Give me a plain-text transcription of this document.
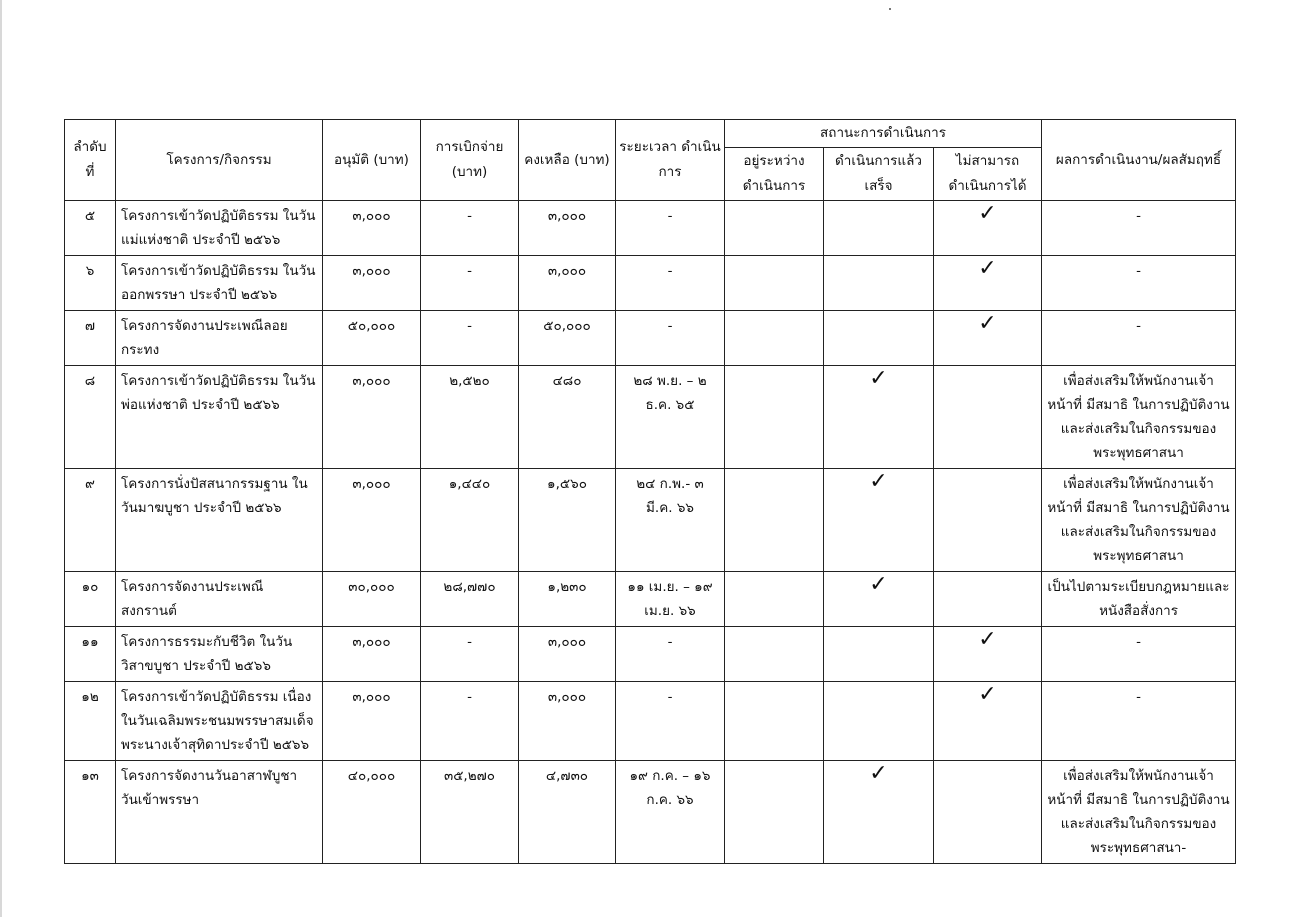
ลำดับ ที่	โครงการ/กิจกรรม	อนุมัติ (บาท)	การเบิกจ่าย (บาท)	คงเหลือ (บาท)	ระยะเวลา ดำเนินการ	สถานะการดำเนินการ			ผลการดำเนินงาน/ผลสัมฤทธิ์
						อยู่ระหว่าง ดำเนินการ	ดำเนินการแล้ว เสร็จ	ไม่สามารถ ดำเนินการได้	
๕	โครงการเข้าวัดปฏิบัติธรรม ในวันแม่แห่งชาติ ประจำปี ๒๕๖๖	๓,๐๐๐	-	๓,๐๐๐	-			✓	-
๖	โครงการเข้าวัดปฏิบัติธรรม ในวันออกพรรษา ประจำปี ๒๕๖๖	๓,๐๐๐	-	๓,๐๐๐	-			✓	-
๗	โครงการจัดงานประเพณีลอยกระทง	๕๐,๐๐๐	-	๕๐,๐๐๐	-			✓	-
๘	โครงการเข้าวัดปฏิบัติธรรม ในวันพ่อแห่งชาติ ประจำปี ๒๕๖๖	๓,๐๐๐	๒,๕๒๐	๔๘๐	๒๘ พ.ย. – ๒ ธ.ค. ๖๕		✓		เพื่อส่งเสริมให้พนักงานเจ้าหน้าที่ มีสมาธิ ในการปฏิบัติงาน และส่งเสริมในกิจกรรมของพระพุทธศาสนา
๙	โครงการนั่งปัสสนากรรมฐาน ในวันมาฆบูชา ประจำปี ๒๕๖๖	๓,๐๐๐	๑,๔๔๐	๑,๕๖๐	๒๔ ก.พ.- ๓ มี.ค. ๖๖		✓		เพื่อส่งเสริมให้พนักงานเจ้าหน้าที่ มีสมาธิ ในการปฏิบัติงาน และส่งเสริมในกิจกรรมของพระพุทธศาสนา
๑๐	โครงการจัดงานประเพณีสงกรานต์	๓๐,๐๐๐	๒๘,๗๗๐	๑,๒๓๐	๑๑ เม.ย. – ๑๙ เม.ย. ๖๖		✓		เป็นไปตามระเบียบกฎหมายและหนังสือสั่งการ
๑๑	โครงการธรรมะกับชีวิต ในวันวิสาขบูชา ประจำปี ๒๕๖๖	๓,๐๐๐	-	๓,๐๐๐	-			✓	-
๑๒	โครงการเข้าวัดปฏิบัติธรรม เนื่องในวันเฉลิมพระชนมพรรษาสมเด็จพระนางเจ้าสุทิดาประจำปี ๒๕๖๖	๓,๐๐๐	-	๓,๐๐๐	-			✓	-
๑๓	โครงการจัดงานวันอาสาฬบูชา วันเข้าพรรษา	๔๐,๐๐๐	๓๕,๒๗๐	๔,๗๓๐	๑๙ ก.ค. – ๑๖ ก.ค. ๖๖		✓		เพื่อส่งเสริมให้พนักงานเจ้าหน้าที่ มีสมาธิ ในการปฏิบัติงาน และส่งเสริมในกิจกรรมของพระพุทธศาสนา-
